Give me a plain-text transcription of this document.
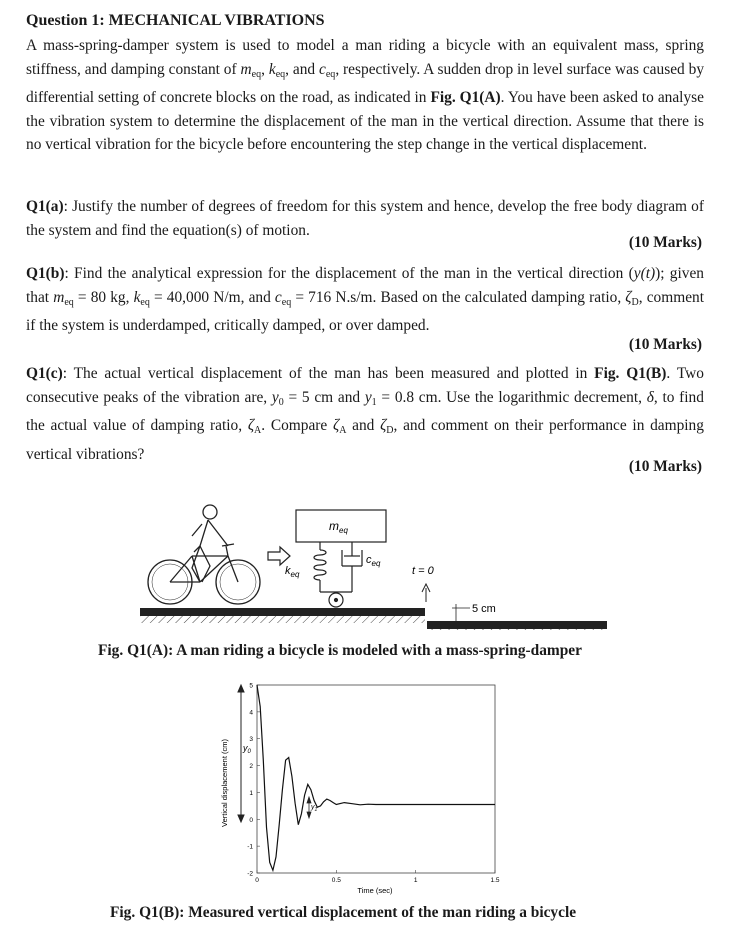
Question 1: MECHANICAL VIBRATIONS
A mass-spring-damper system is used to model a man riding a bicycle with an equivalent mass, spring stiffness, and damping constant of $m_{eq}$, $k_{eq}$, and $c_{eq}$, respectively. A sudden drop in level surface was caused by differential setting of concrete blocks on the road, as indicated in Fig. Q1(A). You have been asked to analyse the vibration system to determine the displacement of the man in the vertical direction. Assume that there is no vertical vibration for the bicycle before encountering the step change in the vertical displacement.
Q1(a): Justify the number of degrees of freedom for this system and hence, develop the free body diagram of the system and find the equation(s) of motion.
(10 Marks)
Q1(b): Find the analytical expression for the displacement of the man in the vertical direction (y(t)); given that $m_{eq} = 80$ kg, $k_{eq} = 40,000$ N/m, and $c_{eq} = 716$ N.s/m. Based on the calculated damping ratio, $\zeta_D$, comment if the system is underdamped, critically damped, or over damped.
(10 Marks)
Q1(c): The actual vertical displacement of the man has been measured and plotted in Fig. Q1(B). Two consecutive peaks of the vibration are, $y_0 = 5$ cm and $y_1 = 0.8$ cm. Use the logarithmic decrement, δ, to find the actual value of damping ratio, $\zeta_A$. Compare $\zeta_A$ and $\zeta_D$, and comment on their performance in damping vertical vibrations?
(10 Marks)
$m_{eq}$
$k_{eq}$
$c_{eq}$
t = 0
5 cm
Fig. Q1(A): A man riding a bicycle is modeled with a mass-spring-damper
0	0.5	1	1.5
-2
-1
0
1
2
3
4
5
Time (sec)
Vertical displacement (cm) $y_0$
$y_1$
Fig. Q1(B): Measured vertical displacement of the man riding a bicycle
